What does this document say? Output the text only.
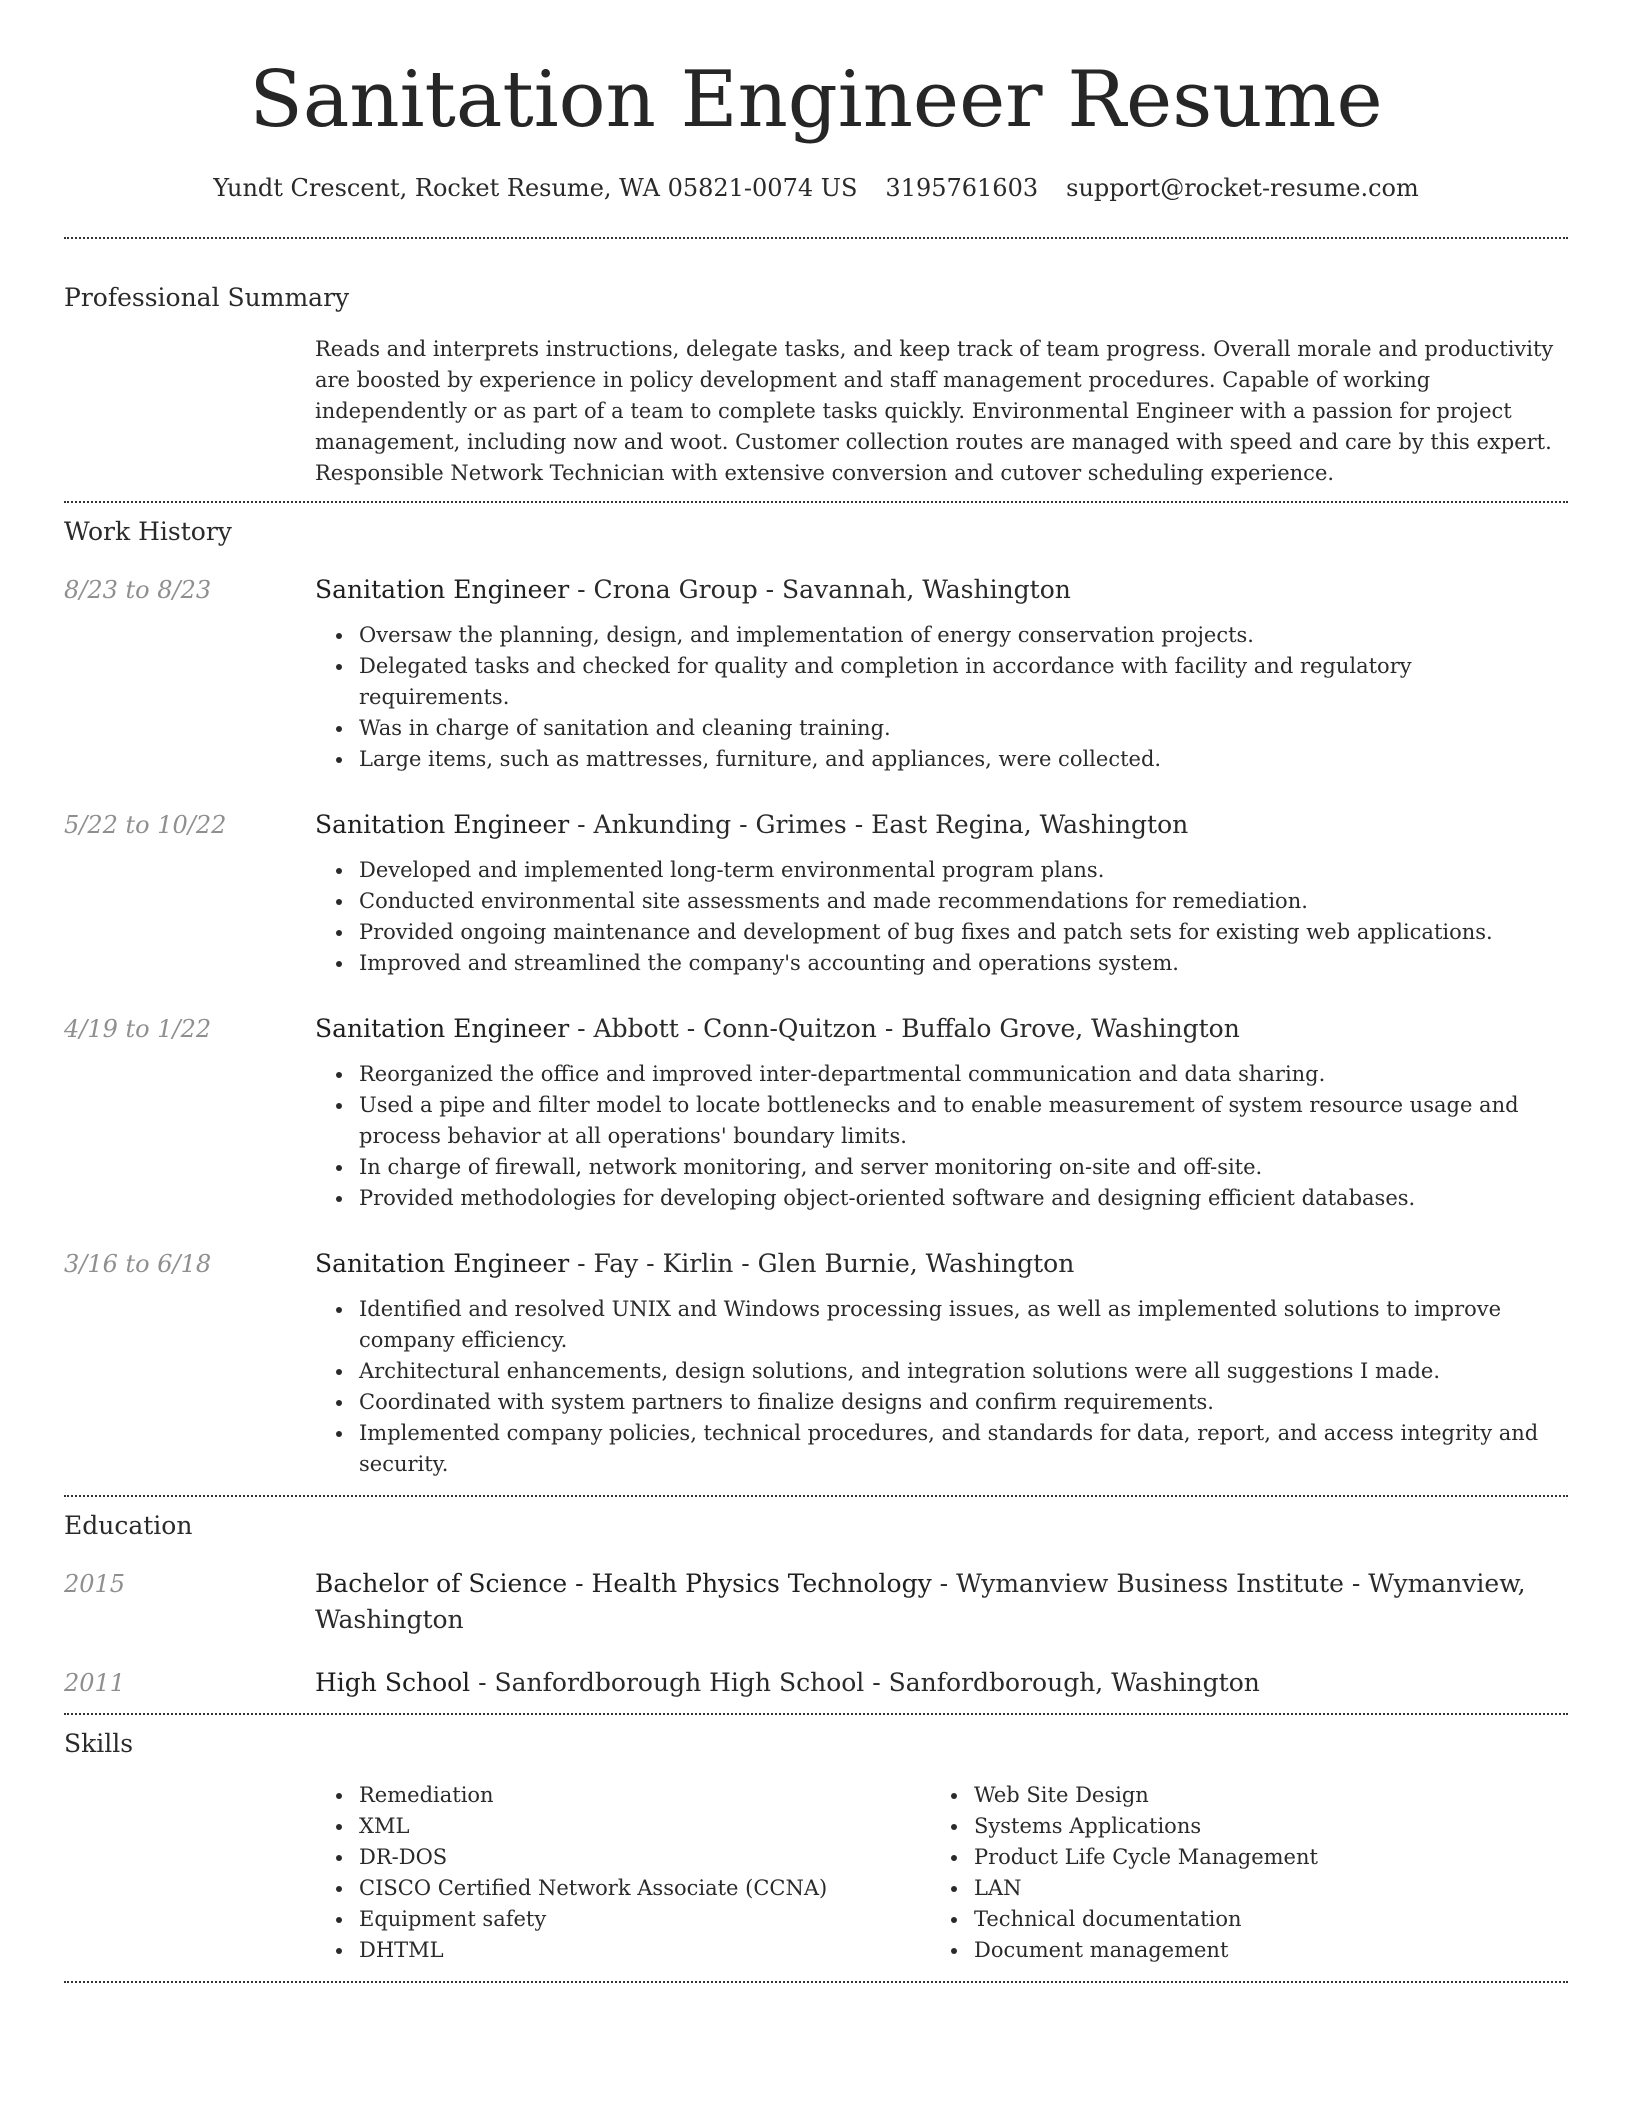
Sanitation Engineer Resume
Yundt Crescent, Rocket Resume, WA 05821-0074 US 3195761603 support@rocket-resume.com
Professional Summary

Reads and interprets instructions, delegate tasks, and keep track of team progress. Overall morale and productivity are boosted by experience in policy development and staff management procedures. Capable of working independently or as part of a team to complete tasks quickly. Environmental Engineer with a passion for project management, including now and woot. Customer collection routes are managed with speed and care by this expert. Responsible Network Technician with extensive conversion and cutover scheduling experience.

Work History
8/23 to 8/23	Sanitation Engineer - Crona Group - Savannah, Washington
Oversaw the planning, design, and implementation of energy conservation projects.
Delegated tasks and checked for quality and completion in accordance with facility and regulatory requirements.
Was in charge of sanitation and cleaning training.
Large items, such as mattresses, furniture, and appliances, were collected.
5/22 to 10/22	Sanitation Engineer - Ankunding - Grimes - East Regina, Washington
Developed and implemented long-term environmental program plans.
Conducted environmental site assessments and made recommendations for remediation.
Provided ongoing maintenance and development of bug fixes and patch sets for existing web applications.
Improved and streamlined the company's accounting and operations system.
4/19 to 1/22	Sanitation Engineer - Abbott - Conn-Quitzon - Buffalo Grove, Washington
Reorganized the office and improved inter-departmental communication and data sharing.
Used a pipe and filter model to locate bottlenecks and to enable measurement of system resource usage and process behavior at all operations' boundary limits.
In charge of firewall, network monitoring, and server monitoring on-site and off-site.
Provided methodologies for developing object-oriented software and designing efficient databases.
3/16 to 6/18	Sanitation Engineer - Fay - Kirlin - Glen Burnie, Washington
Identified and resolved UNIX and Windows processing issues, as well as implemented solutions to improve company efficiency.
Architectural enhancements, design solutions, and integration solutions were all suggestions I made.
Coordinated with system partners to finalize designs and confirm requirements.
Implemented company policies, technical procedures, and standards for data, report, and access integrity and security.
Education
2015	Bachelor of Science - Health Physics Technology - Wymanview Business Institute - Wymanview, Washington
2011	High School - Sanfordborough High School - Sanfordborough, Washington
Skills
Remediation
XML
DR-DOS
CISCO Certified Network Associate (CCNA)
Equipment safety
DHTML
Web Site Design
Systems Applications
Product Life Cycle Management
LAN
Technical documentation
Document management
